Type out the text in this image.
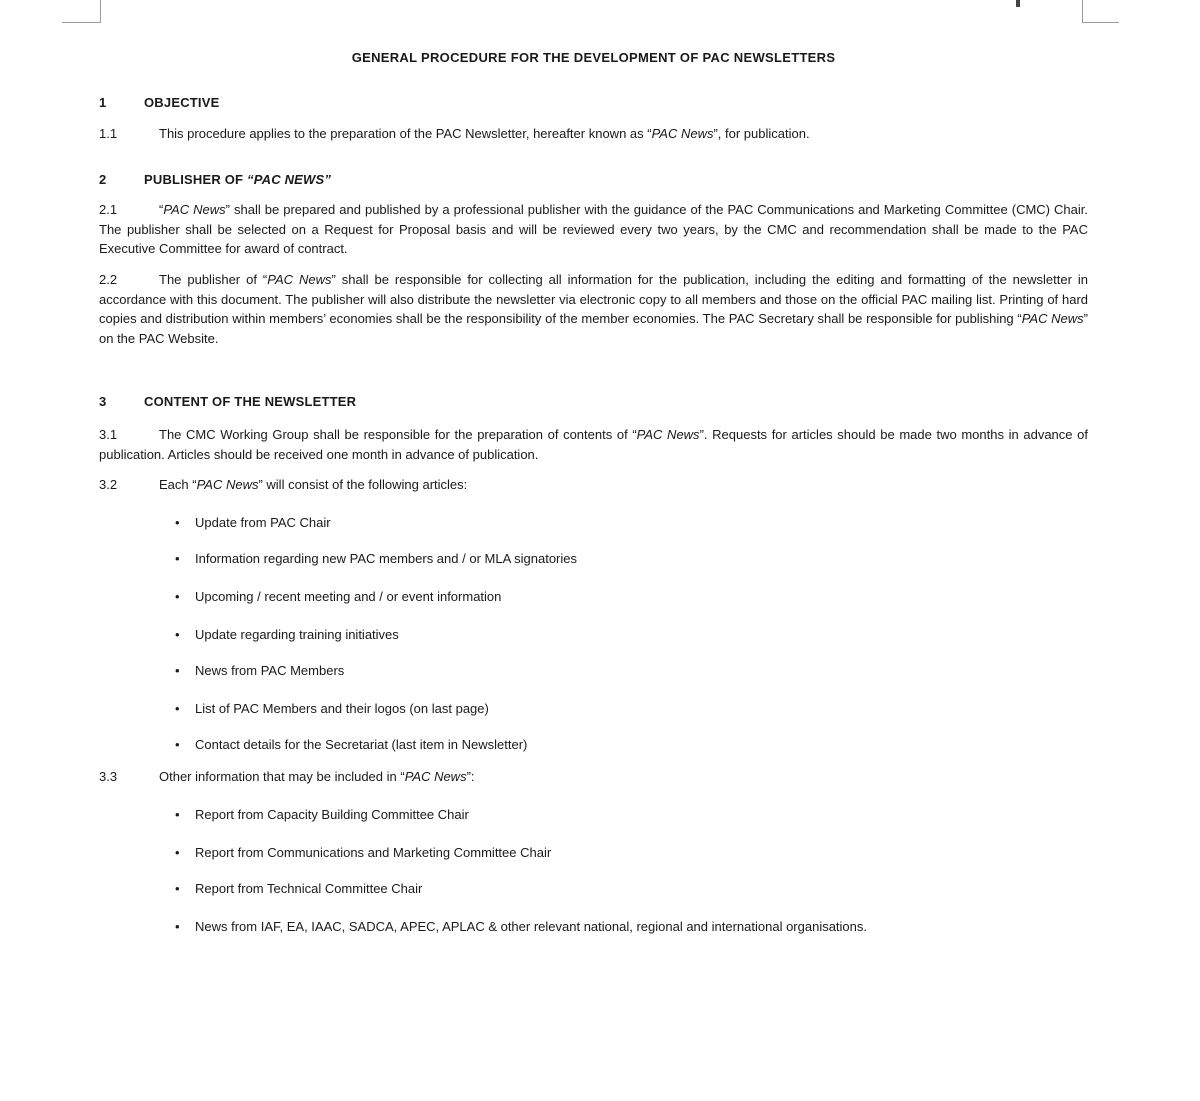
GENERAL PROCEDURE FOR THE DEVELOPMENT OF PAC NEWSLETTERS
1	OBJECTIVE
1.1	This procedure applies to the preparation of the PAC Newsletter, hereafter known as “PAC News”, for publication.
2	PUBLISHER OF “PAC NEWS”
2.1	“PAC News” shall be prepared and published by a professional publisher with the guidance of the PAC Communications and Marketing Committee (CMC) Chair. The publisher shall be selected on a Request for Proposal basis and will be reviewed every two years, by the CMC and recommendation shall be made to the PAC Executive Committee for award of contract.
2.2	The publisher of “PAC News” shall be responsible for collecting all information for the publication, including the editing and formatting of the newsletter in accordance with this document. The publisher will also distribute the newsletter via electronic copy to all members and those on the official PAC mailing list. Printing of hard copies and distribution within members’ economies shall be the responsibility of the member economies. The PAC Secretary shall be responsible for publishing “PAC News” on the PAC Website.
3	CONTENT OF THE NEWSLETTER
3.1	The CMC Working Group shall be responsible for the preparation of contents of “PAC News”. Requests for articles should be made two months in advance of publication. Articles should be received one month in advance of publication.
3.2	Each “PAC News” will consist of the following articles:
• Update from PAC Chair
• Information regarding new PAC members and / or MLA signatories
• Upcoming / recent meeting and / or event information
• Update regarding training initiatives
• News from PAC Members
• List of PAC Members and their logos (on last page)
• Contact details for the Secretariat (last item in Newsletter)
3.3	Other information that may be included in “PAC News”:
• Report from Capacity Building Committee Chair
• Report from Communications and Marketing Committee Chair
• Report from Technical Committee Chair
• News from IAF, EA, IAAC, SADCA, APEC, APLAC & other relevant national, regional and international organisations.
